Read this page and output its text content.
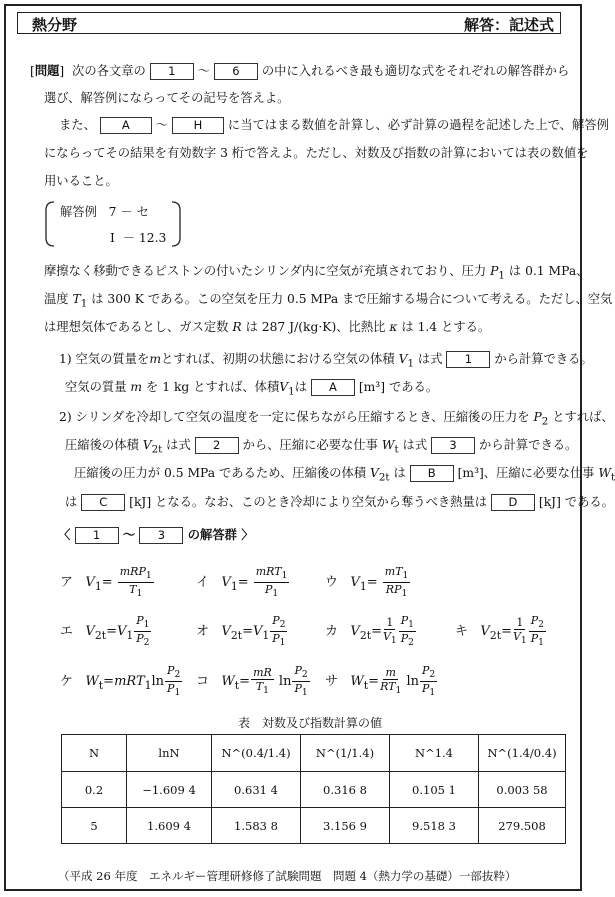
熱分野	解答：記述式
[問題]  次の各文章の 1 ～ 6 の中に入れるべき最も適切な式をそれぞれの解答群から
選び、解答例にならってその記号を答えよ。
また、 A ～ H に当てはまる数値を計算し、必ず計算の過程を記述した上で、解答例
にならってその結果を有効数字 3 桁で答えよ。ただし、対数及び指数の計算においては表の数値を
用いること。
解答例 7 － セ
I － 12.3
摩擦なく移動できるピストンの付いたシリンダ内に空気が充填されており、圧力 $P_1$ は 0.1 MPa、
温度 $T_1$ は 300 K である。この空気を圧力 0.5 MPa まで圧縮する場合について考える。ただし、空気
は理想気体であるとし、ガス定数 R は 287 J/(kg·K)、比熱比 κ は 1.4 とする。
1) 空気の質量をmとすれば、初期の状態における空気の体積 $V_1$ は式 1 から計算できる。
空気の質量 m を 1 kg とすれば、体積$V_1$は A [m³] である。
2) シリンダを冷却して空気の温度を一定に保ちながら圧縮するとき、圧縮後の圧力を $P_2$ とすれば、
圧縮後の体積 $V_{2t}$ は式 2 から、圧縮に必要な仕事 $W_t$ は式 3 から計算できる。
圧縮後の圧力が 0.5 MPa であるため、圧縮後の体積 $V_{2t}$ は B [m³]、圧縮に必要な仕事 $W_t$
は C [kJ] となる。なお、このとき冷却により空気から奪うべき熱量は D [kJ] である。
〈 1 ～ 3 の解答群 〉
ア $V_1= \frac{mRP_1}{T_1}$	イ $V_1= \frac{mRT_1}{P_1}$	ウ $V_1= \frac{mT_1}{RP_1}$
エ $V_{2t}=V_1 \frac{P_1}{P_2}$	オ $V_{2t}=V_1 \frac{P_2}{P_1}$	カ $V_{2t}= \frac{1}{V_1} \frac{P_1}{P_2}$	キ $V_{2t}= \frac{1}{V_1} \frac{P_2}{P_1}$
ケ $W_t=mRT_1\ln \frac{P_2}{P_1}$ コ $W_t= \frac{mR}{T_1}$ $\ln \frac{P_2}{P_1}$ サ $W_t= \frac{m}{RT_1}$ $\ln \frac{P_2}{P_1}$
表　対数及び指数計算の値
N	lnN	N^(0.4/1.4)	N^(1/1.4)	N^1.4	N^(1.4/0.4)
0.2	−1.609 4	0.631 4	0.316 8	0.105 1	0.003 58
5	1.609 4	1.583 8	3.156 9	9.518 3	279.508
（平成 26 年度　エネルギー管理研修修了試験問題　問題 4（熱力学の基礎）一部抜粋）
